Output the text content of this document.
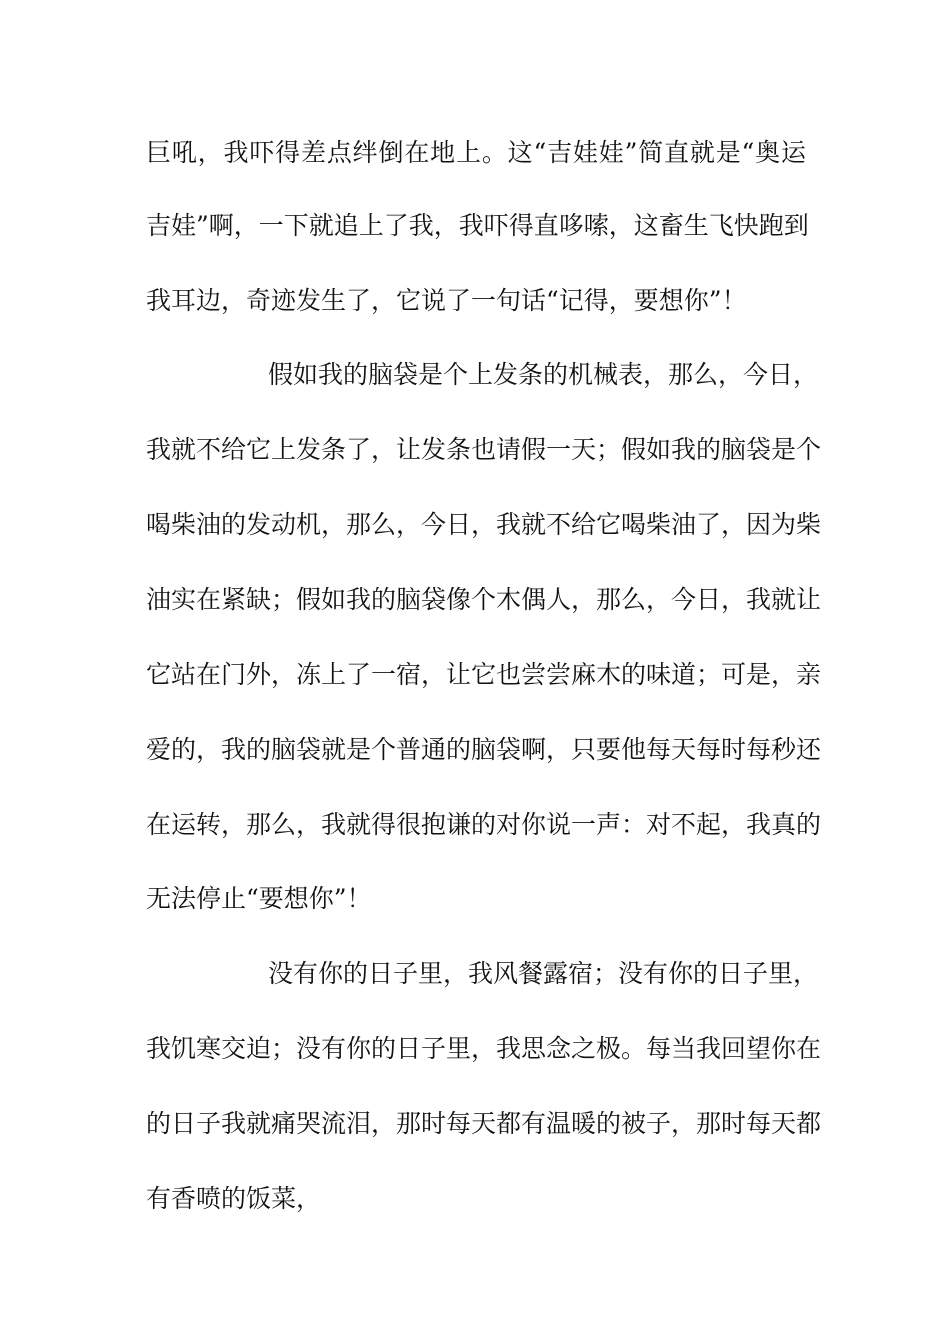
巨吼，我吓得差点绊倒在地上。这“吉娃娃”简直就是“奥运
吉娃”啊，一下就追上了我，我吓得直哆嗦，这畜生飞快跑到
我耳边，奇迹发生了，它说了一句话“记得，要想你”！
假如我的脑袋是个上发条的机械表，那么，今日，
我就不给它上发条了，让发条也请假一天；假如我的脑袋是个
喝柴油的发动机，那么，今日，我就不给它喝柴油了，因为柴
油实在紧缺；假如我的脑袋像个木偶人，那么，今日，我就让
它站在门外，冻上了一宿，让它也尝尝麻木的味道；可是，亲
爱的，我的脑袋就是个普通的脑袋啊，只要他每天每时每秒还
在运转，那么，我就得很抱谦的对你说一声：对不起，我真的
无法停止“要想你”！
没有你的日子里，我风餐露宿；没有你的日子里，
我饥寒交迫；没有你的日子里，我思念之极。每当我回望你在
的日子我就痛哭流泪，那时每天都有温暖的被子，那时每天都
有香喷的饭菜，
